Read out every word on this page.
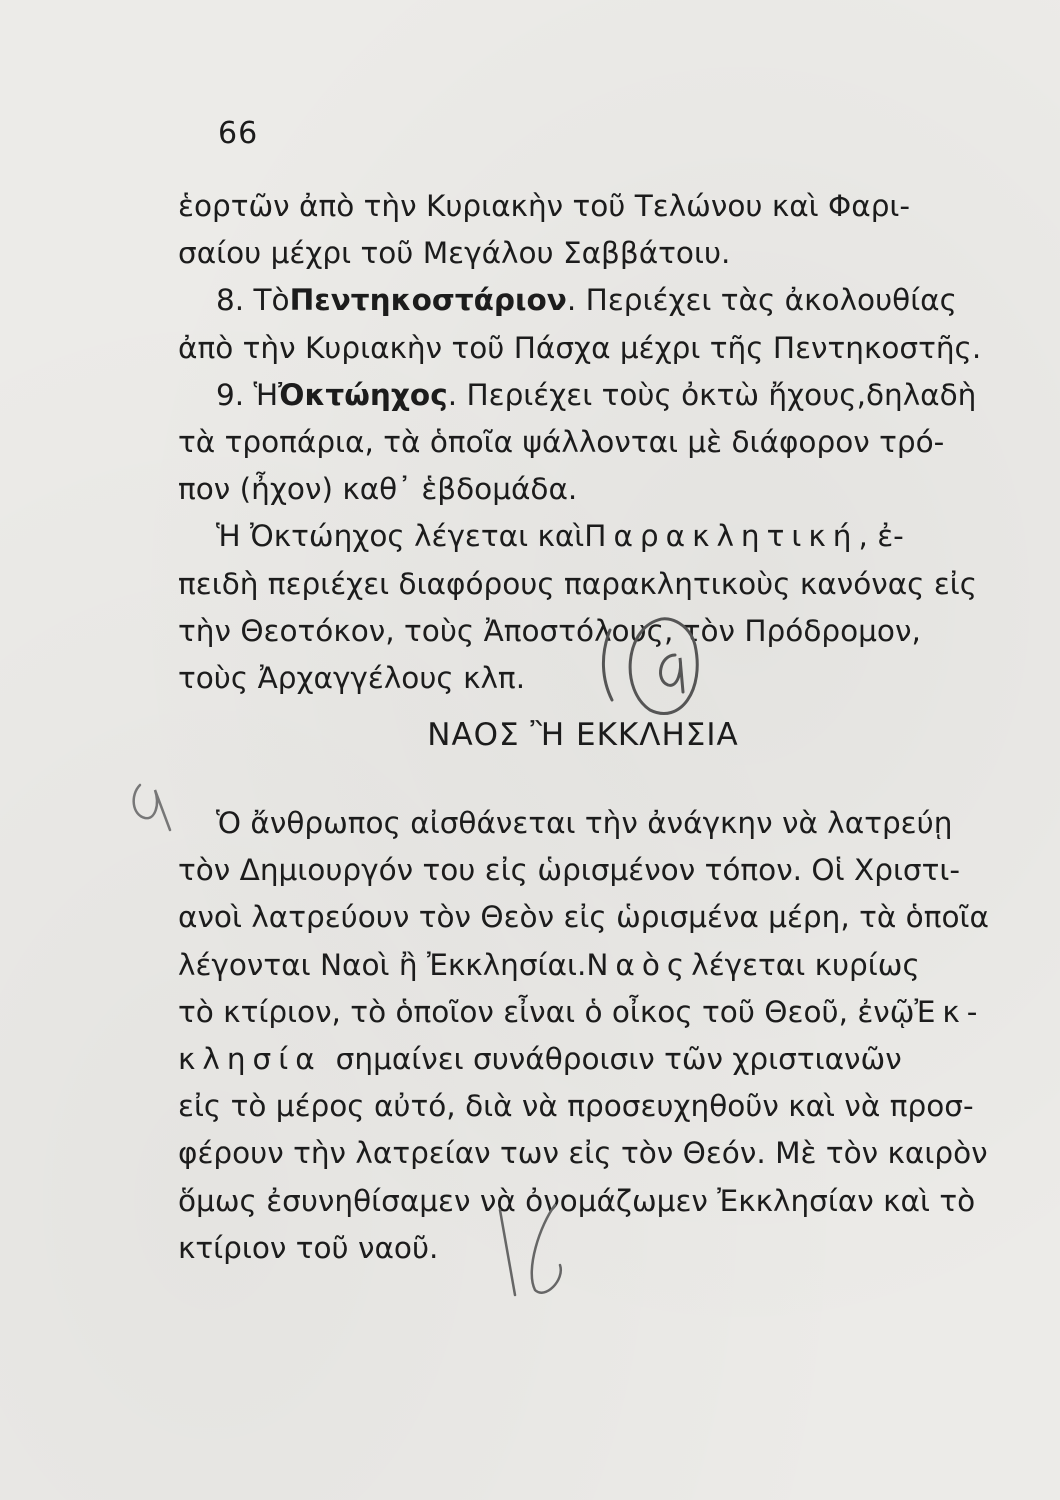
66
ἑορτῶν ἀπὸ τὴν Κυριακὴν τοῦ Τελώνου καὶ Φαρι-
σαίου μέχρι τοῦ Μεγάλου Σαββάτοιυ.
8. Τὸ Πεντηκοστάριον . Περιέχει τὰς ἀκολουθίας
ἀπὸ τὴν Κυριακὴν τοῦ Πάσχα μέχρι τῆς Πεντηκοστῆς.
9. Ἡ Ὀκτώηχος . Περιέχει τοὺς ὀκτὼ ἤχους,δηλαδὴ
τὰ τροπάρια, τὰ ὁποῖα ψάλλονται μὲ διάφορον τρό-
πον (ἦχον) καθ᾿ ἑβδομάδα.
Ἡ Ὀκτώηχος λέγεται καὶ Παρακλητική , ἐ-
πειδὴ περιέχει διαφόρους παρακλητικοὺς κανόνας εἰς
τὴν Θεοτόκον, τοὺς Ἀποστόλους, τὸν Πρόδρομον,
τοὺς Ἀρχαγγέλους κλπ.
ΝΑΟΣ Ἢ ΕΚΚΛΗΣΙΑ
Ὁ ἄνθρωπος αἰσθάνεται τὴν ἀνάγκην νὰ λατρεύῃ
τὸν Δημιουργόν του εἰς ὡρισμένον τόπον. Οἱ Χριστι-
ανοὶ λατρεύουν τὸν Θεὸν εἰς ὡρισμένα μέρη, τὰ ὁποῖα
λέγονται Ναοὶ ἢ Ἐκκλησίαι. Ναὸς λέγεται κυρίως
τὸ κτίριον, τὸ ὁποῖον εἶναι ὁ οἶκος τοῦ Θεοῦ, ἐνῷ Ἐκ-
κλησία σημαίνει συνάθροισιν τῶν χριστιανῶν
εἰς τὸ μέρος αὐτό, διὰ νὰ προσευχηθοῦν καὶ νὰ προσ-
φέρουν τὴν λατρείαν των εἰς τὸν Θεόν. Μὲ τὸν καιρὸν
ὅμως ἐσυνηθίσαμεν νὰ ὀνομάζωμεν Ἐκκλησίαν καὶ τὸ
κτίριον τοῦ ναοῦ.
